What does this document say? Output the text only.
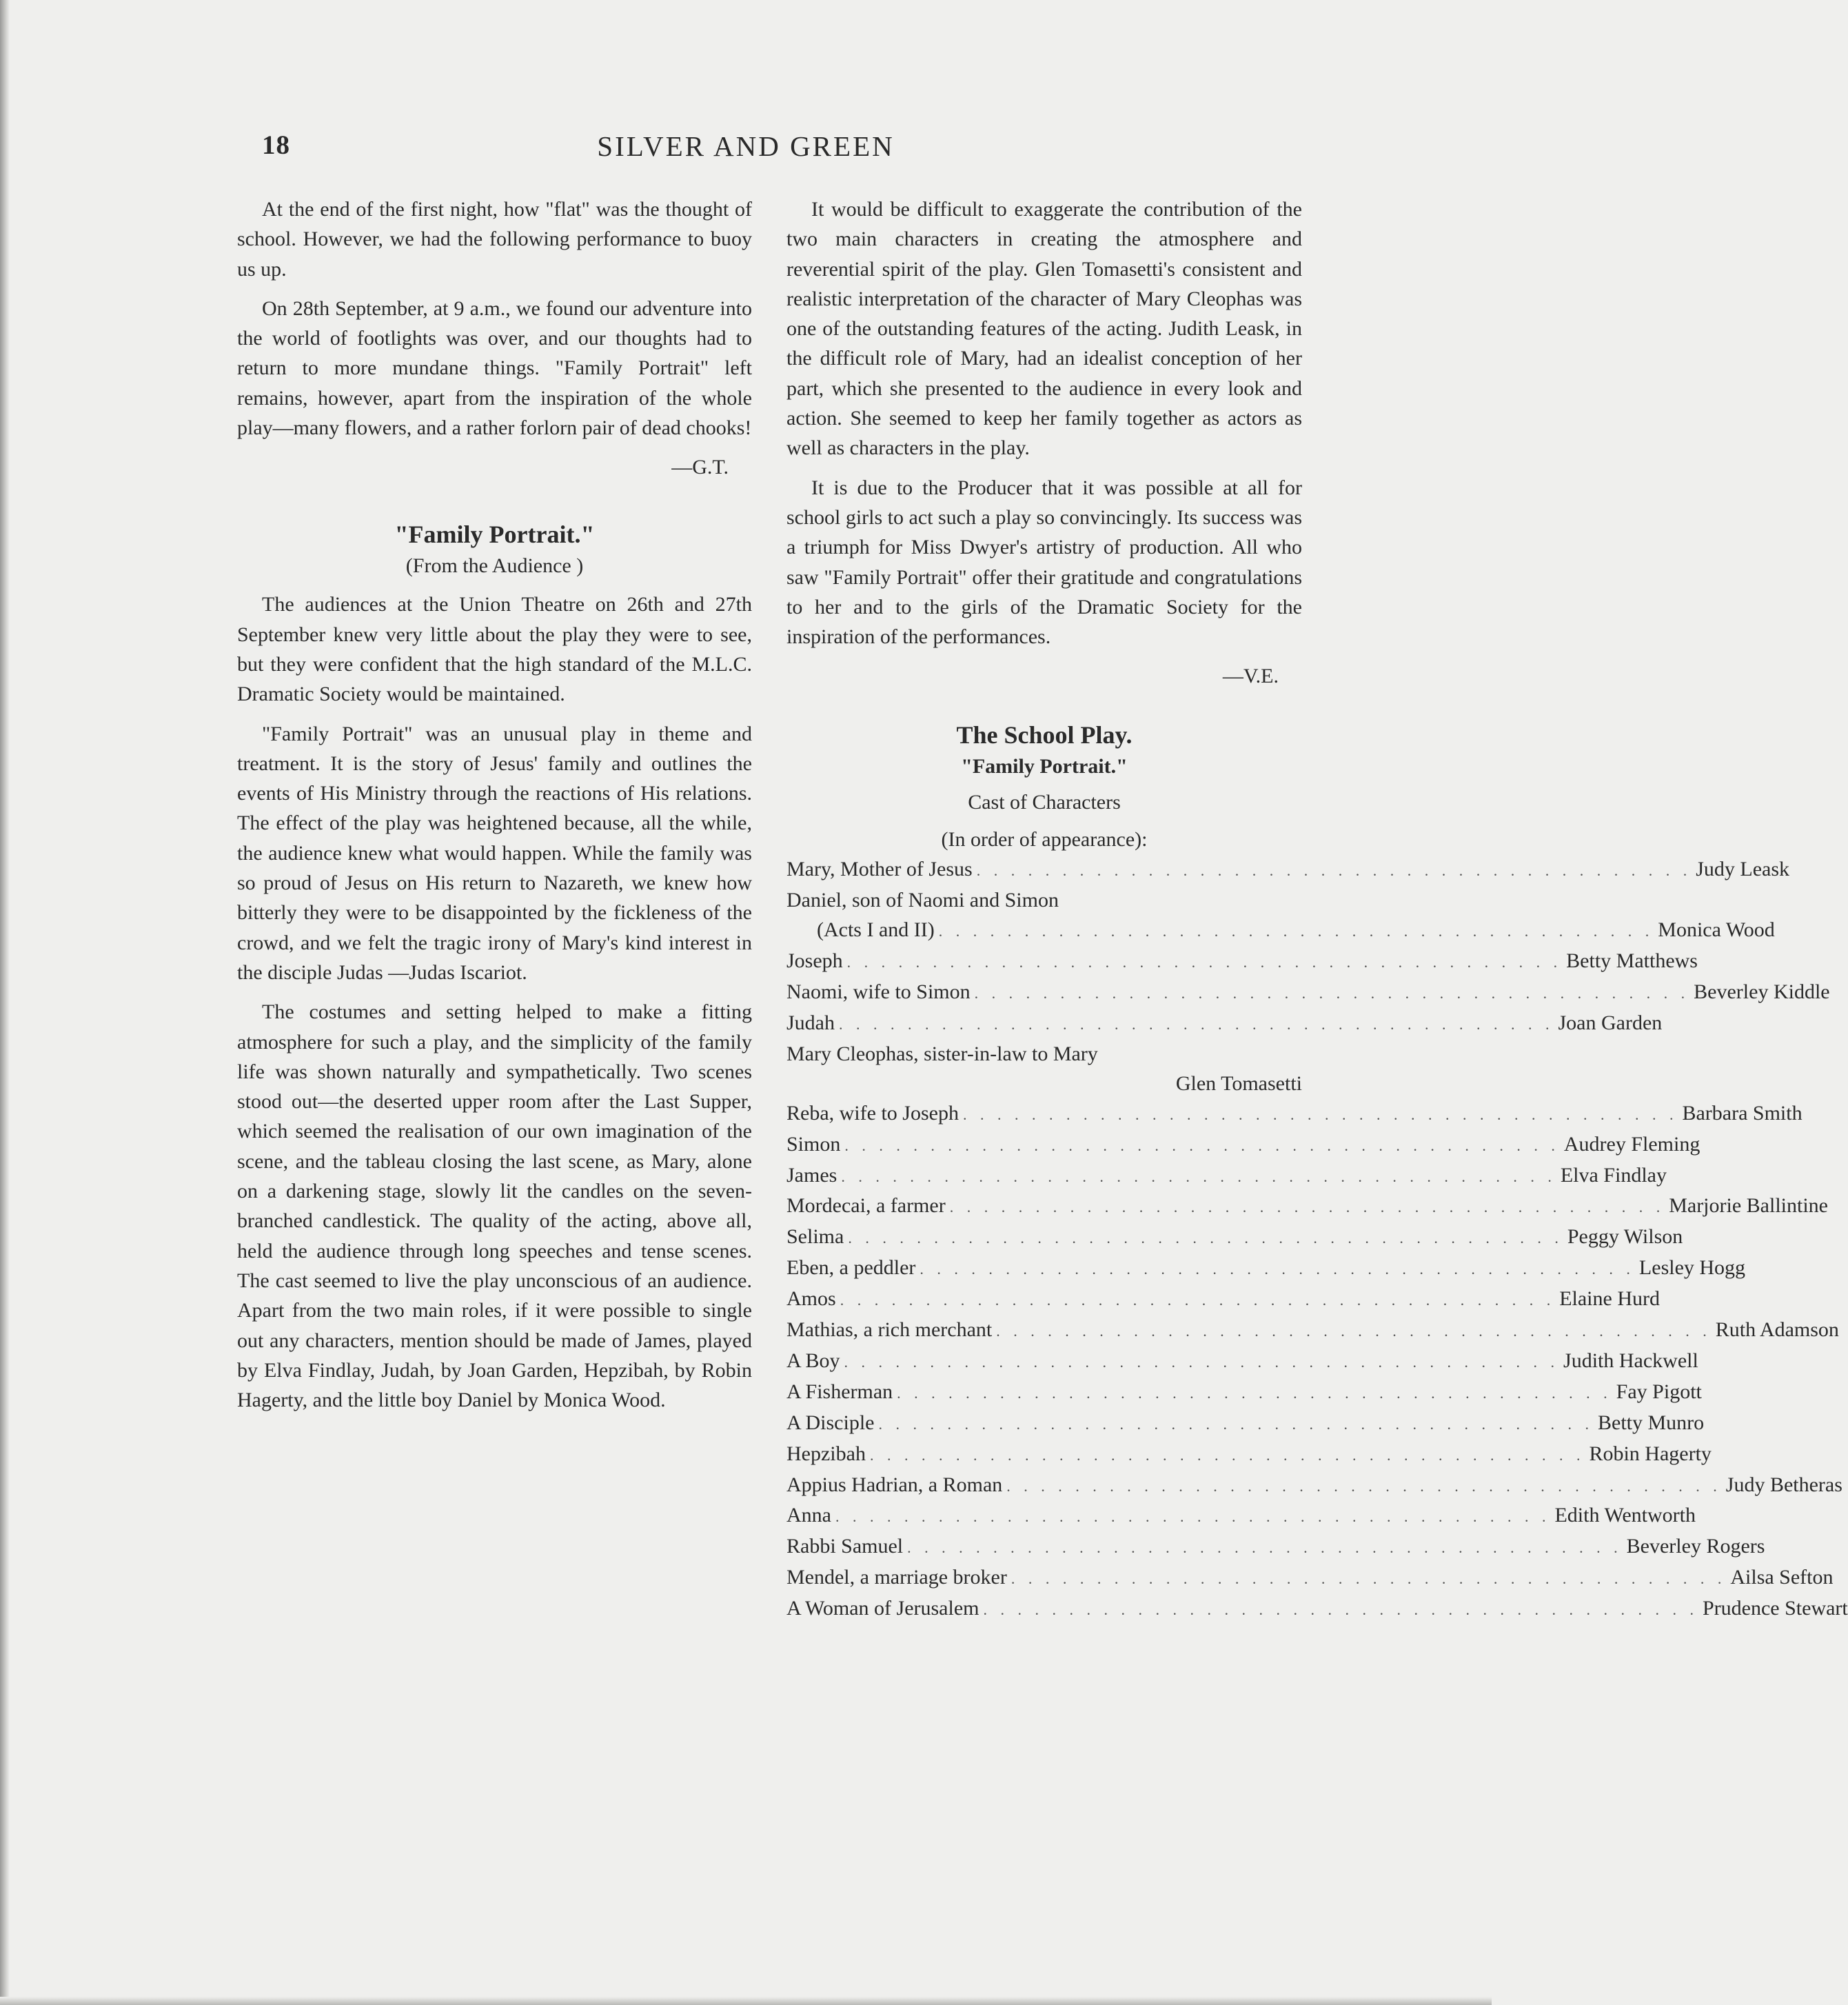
18	SILVER AND GREEN

At the end of the first night, how "flat" was the thought of school. However, we had the following performance to buoy us up.

On 28th September, at 9 a.m., we found our adventure into the world of footlights was over, and our thoughts had to return to more mundane things. "Family Portrait" left remains, however, apart from the inspiration of the whole play—many flowers, and a rather forlorn pair of dead chooks!

—G.T.
"Family Portrait."
(From the Audience )

The audiences at the Union Theatre on 26th and 27th September knew very little about the play they were to see, but they were confident that the high standard of the M.L.C. Dramatic Society would be maintained.

"Family Portrait" was an unusual play in theme and treatment. It is the story of Jesus' family and outlines the events of His Ministry through the reactions of His relations. The effect of the play was heightened because, all the while, the audience knew what would happen. While the family was so proud of Jesus on His return to Nazareth, we knew how bitterly they were to be disappointed by the fickleness of the crowd, and we felt the tragic irony of Mary's kind interest in the disciple Judas —Judas Iscariot.

The costumes and setting helped to make a fitting atmosphere for such a play, and the simplicity of the family life was shown naturally and sympathetically. Two scenes stood out—the deserted upper room after the Last Supper, which seemed the realisation of our own imagination of the scene, and the tableau closing the last scene, as Mary, alone on a darkening stage, slowly lit the candles on the seven-branched candlestick. The quality of the acting, above all, held the audience through long speeches and tense scenes. The cast seemed to live the play unconscious of an audience. Apart from the two main roles, if it were possible to single out any characters, mention should be made of James, played by Elva Findlay, Judah, by Joan Garden, Hepzibah, by Robin Hagerty, and the little boy Daniel by Monica Wood.

It would be difficult to exaggerate the contribution of the two main characters in creating the atmosphere and reverential spirit of the play. Glen Tomasetti's consistent and realistic interpretation of the character of Mary Cleophas was one of the outstanding features of the acting. Judith Leask, in the difficult role of Mary, had an idealist conception of her part, which she presented to the audience in every look and action. She seemed to keep her family together as actors as well as characters in the play.

It is due to the Producer that it was possible at all for school girls to act such a play so convincingly. Its success was a triumph for Miss Dwyer's artistry of production. All who saw "Family Portrait" offer their gratitude and congratulations to her and to the girls of the Dramatic Society for the inspiration of the performances.

—V.E.
The School Play.
"Family Portrait."
Cast of Characters
(In order of appearance):
Mary, Mother of Jesus . . . . . . . . . . . . . . . . . . . . . . . . . . . . . . . . . . . . . . . . . . Judy Leask
Daniel, son of Naomi and Simon
(Acts I and II) . . . . . . . . . . . . . . . . . . . . . . . . . . . . . . . . . . . . . . . . . . Monica Wood
Joseph . . . . . . . . . . . . . . . . . . . . . . . . . . . . . . . . . . . . . . . . . . Betty Matthews
Naomi, wife to Simon . . . . . . . . . . . . . . . . . . . . . . . . . . . . . . . . . . . . . . . . . . Beverley Kiddle
Judah . . . . . . . . . . . . . . . . . . . . . . . . . . . . . . . . . . . . . . . . . . Joan Garden
Mary Cleophas, sister-in-law to Mary
Glen Tomasetti
Reba, wife to Joseph . . . . . . . . . . . . . . . . . . . . . . . . . . . . . . . . . . . . . . . . . . Barbara Smith
Simon . . . . . . . . . . . . . . . . . . . . . . . . . . . . . . . . . . . . . . . . . . Audrey Fleming
James . . . . . . . . . . . . . . . . . . . . . . . . . . . . . . . . . . . . . . . . . . Elva Findlay
Mordecai, a farmer . . . . . . . . . . . . . . . . . . . . . . . . . . . . . . . . . . . . . . . . . . Marjorie Ballintine
Selima . . . . . . . . . . . . . . . . . . . . . . . . . . . . . . . . . . . . . . . . . . Peggy Wilson
Eben, a peddler . . . . . . . . . . . . . . . . . . . . . . . . . . . . . . . . . . . . . . . . . . Lesley Hogg
Amos . . . . . . . . . . . . . . . . . . . . . . . . . . . . . . . . . . . . . . . . . . Elaine Hurd
Mathias, a rich merchant . . . . . . . . . . . . . . . . . . . . . . . . . . . . . . . . . . . . . . . . . . Ruth Adamson
A Boy . . . . . . . . . . . . . . . . . . . . . . . . . . . . . . . . . . . . . . . . . . Judith Hackwell
A Fisherman . . . . . . . . . . . . . . . . . . . . . . . . . . . . . . . . . . . . . . . . . . Fay Pigott
A Disciple . . . . . . . . . . . . . . . . . . . . . . . . . . . . . . . . . . . . . . . . . . Betty Munro
Hepzibah . . . . . . . . . . . . . . . . . . . . . . . . . . . . . . . . . . . . . . . . . . Robin Hagerty
Appius Hadrian, a Roman . . . . . . . . . . . . . . . . . . . . . . . . . . . . . . . . . . . . . . . . . . Judy Betheras
Anna . . . . . . . . . . . . . . . . . . . . . . . . . . . . . . . . . . . . . . . . . . Edith Wentworth
Rabbi Samuel . . . . . . . . . . . . . . . . . . . . . . . . . . . . . . . . . . . . . . . . . . Beverley Rogers
Mendel, a marriage broker . . . . . . . . . . . . . . . . . . . . . . . . . . . . . . . . . . . . . . . . . . Ailsa Sefton
A Woman of Jerusalem . . . . . . . . . . . . . . . . . . . . . . . . . . . . . . . . . . . . . . . . . . Prudence Stewart
